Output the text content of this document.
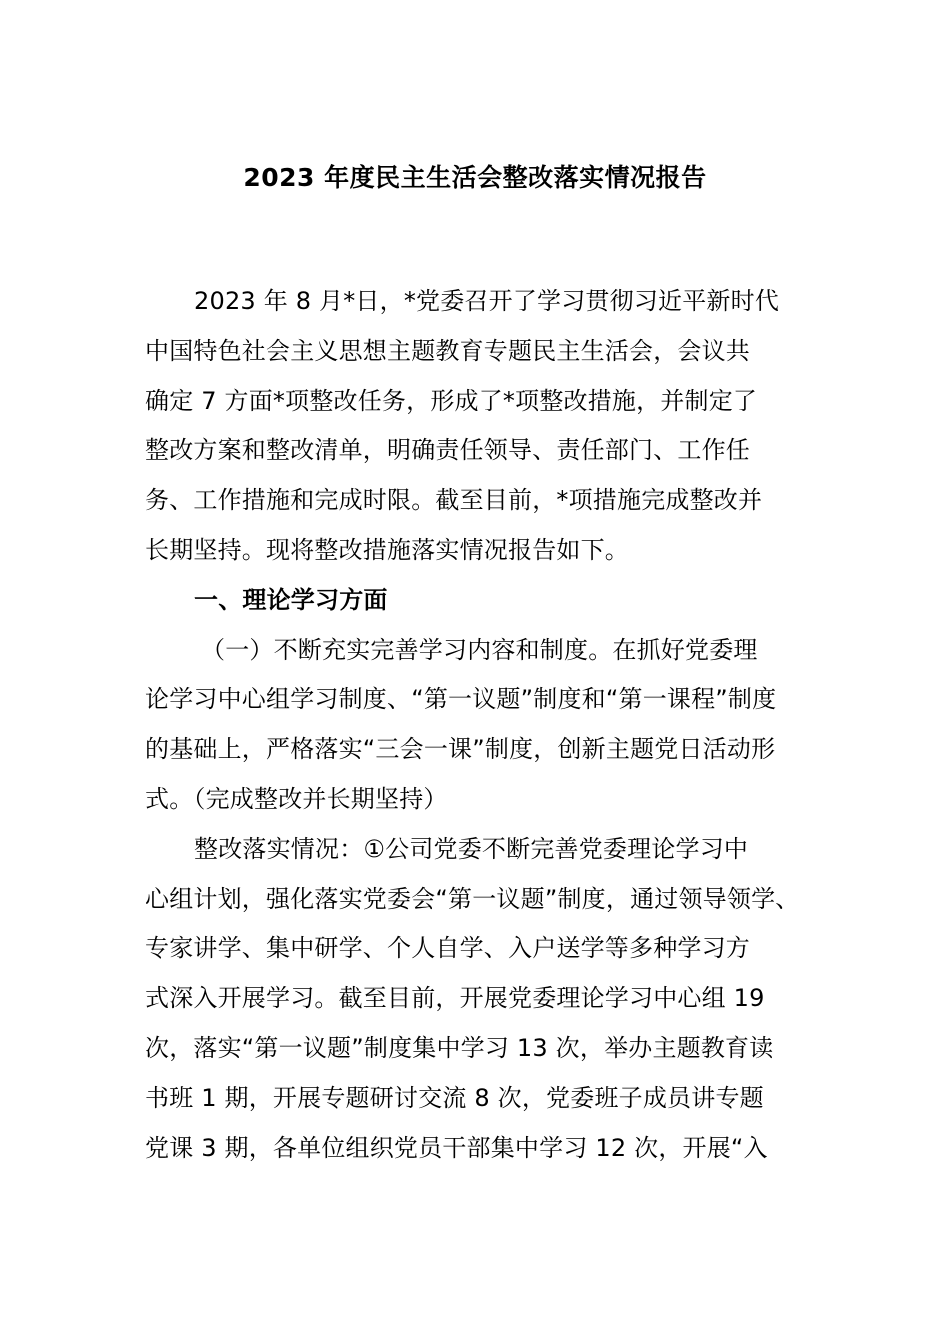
2023 年度民主生活会整改落实情况报告
2023 年 8 月*日，*党委召开了学习贯彻习近平新时代
中国特色社会主义思想主题教育专题民主生活会，会议共
确定 7 方面*项整改任务，形成了*项整改措施，并制定了
整改方案和整改清单，明确责任领导、责任部门、工作任
务、工作措施和完成时限。截至目前，*项措施完成整改并
长期坚持。现将整改措施落实情况报告如下。
一、理论学习方面
（一）不断充实完善学习内容和制度。在抓好党委理
论学习中心组学习制度、“第一议题”制度和“第一课程”制度
的基础上，严格落实“三会一课”制度，创新主题党日活动形
式。（完成整改并长期坚持）
整改落实情况：①公司党委不断完善党委理论学习中
心组计划，强化落实党委会“第一议题”制度，通过领导领学、
专家讲学、集中研学、个人自学、入户送学等多种学习方
式深入开展学习。截至目前，开展党委理论学习中心组 19
次，落实“第一议题”制度集中学习 13 次，举办主题教育读
书班 1 期，开展专题研讨交流 8 次，党委班子成员讲专题
党课 3 期，各单位组织党员干部集中学习 12 次，开展“入
